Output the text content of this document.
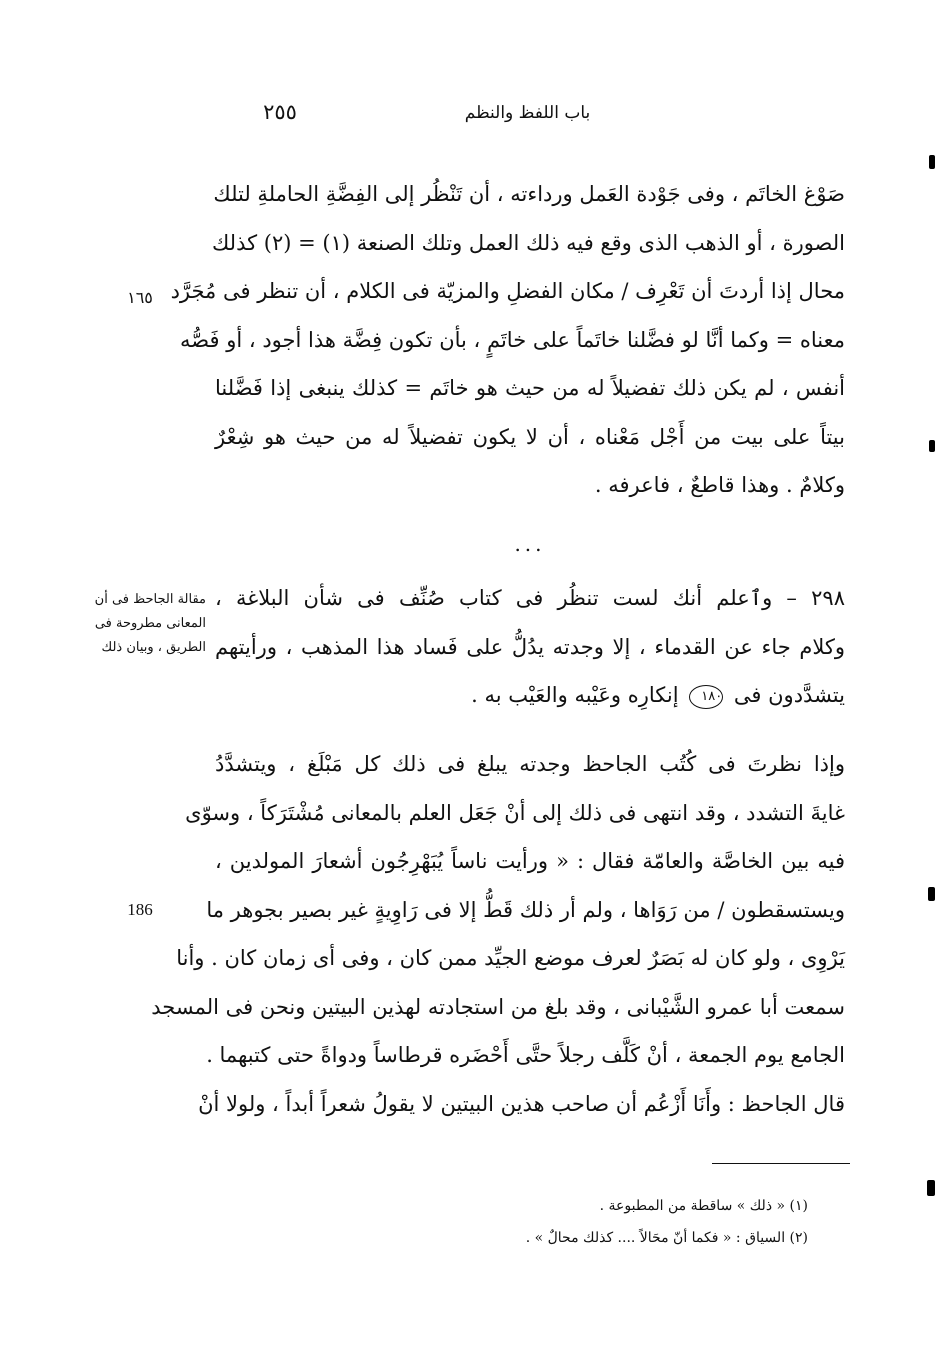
باب اللفظ والنظم
٢٥٥
صَوْغ الخاتَم ، وفى جَوْدة العَمل ورداءته ، أن تَنْظُر إلى الفِضَّةِ الحاملةِ لتلك
الصورة ، أو الذهب الذى وقع فيه ذلك العمل وتلك الصنعة (١) = (٢) كذلك
محال إذا أردتَ أن تَعْرِف / مكان الفضلِ والمزيّة فى الكلام ، أن تنظر فى مُجَرَّد
معناه = وكما أنَّا لو فضَّلنا خاتَماً على خاتَمٍ ، بأن تكون فِضَّة هذا أجود ، أو فَصُّه
أنفس ، لم يكن ذلك تفضيلاً له من حيث هو خاتَم = كذلك ينبغى إذا فَضَّلنا
بيتاً على بيت من أَجْل مَعْناه ، أن لا يكون تفضيلاً له من حيث هو شِعْرٌ
وكلامٌ . وهذا قاطعٌ ، فاعرفه .
١٦٥
...
مقالة الجاحظ فى أن
المعانى مطروحة فى
الطريق ، وبيان ذلك
٢٩٨ – وٱعلم أنك لست تنظُر فى كتاب صُنِّف فى شأن البلاغة ،
وكلام جاء عن القدماء ، إلا وجدته يدُلُّ على فَساد هذا المذهب ، ورأيتهم
يتشدَّدون فى ١٨٠ إنكارِه وعَيْبه والعَيْب به .
وإذا نظرتَ فى كُتُب الجاحظ وجدته يبلغ فى ذلك كل مَبْلَغ ، ويتشدَّدُ
غايةَ التشدد ، وقد انتهى فى ذلك إلى أنْ جَعَل العلم بالمعانى مُشْتَرَكاً ، وسوّى
فيه بين الخاصَّة والعامّة فقال : « ورأيت ناساً يُبَهْرِجُون أشعارَ المولدين ،
ويستسقطون / من رَوَاها ، ولم أر ذلك قَطُّ إلا فى رَاوِيةٍ غير بصير بجوهر ما
يَرْوِى ، ولو كان له بَصَرٌ لعرف موضع الجيِّد ممن كان ، وفى أى زمان كان . وأنا
سمعت أبا عمرو الشَّيْبانى ، وقد بلغ من استجادته لهذين البيتين ونحن فى المسجد
الجامع يوم الجمعة ، أنْ كَلَّف رجلاً حتَّى أَحْضَره قرطاساً ودواةً حتى كتبهما .
قال الجاحظ : وأَنَا أَزْعُم أن صاحب هذين البيتين لا يقولُ شعراً أبداً ، ولولا أنْ
186
(١) « ذلك » ساقطة من المطبوعة .
(٢) السياق : « فكما أنّ محَالاً .... كذلك محالٌ » .
